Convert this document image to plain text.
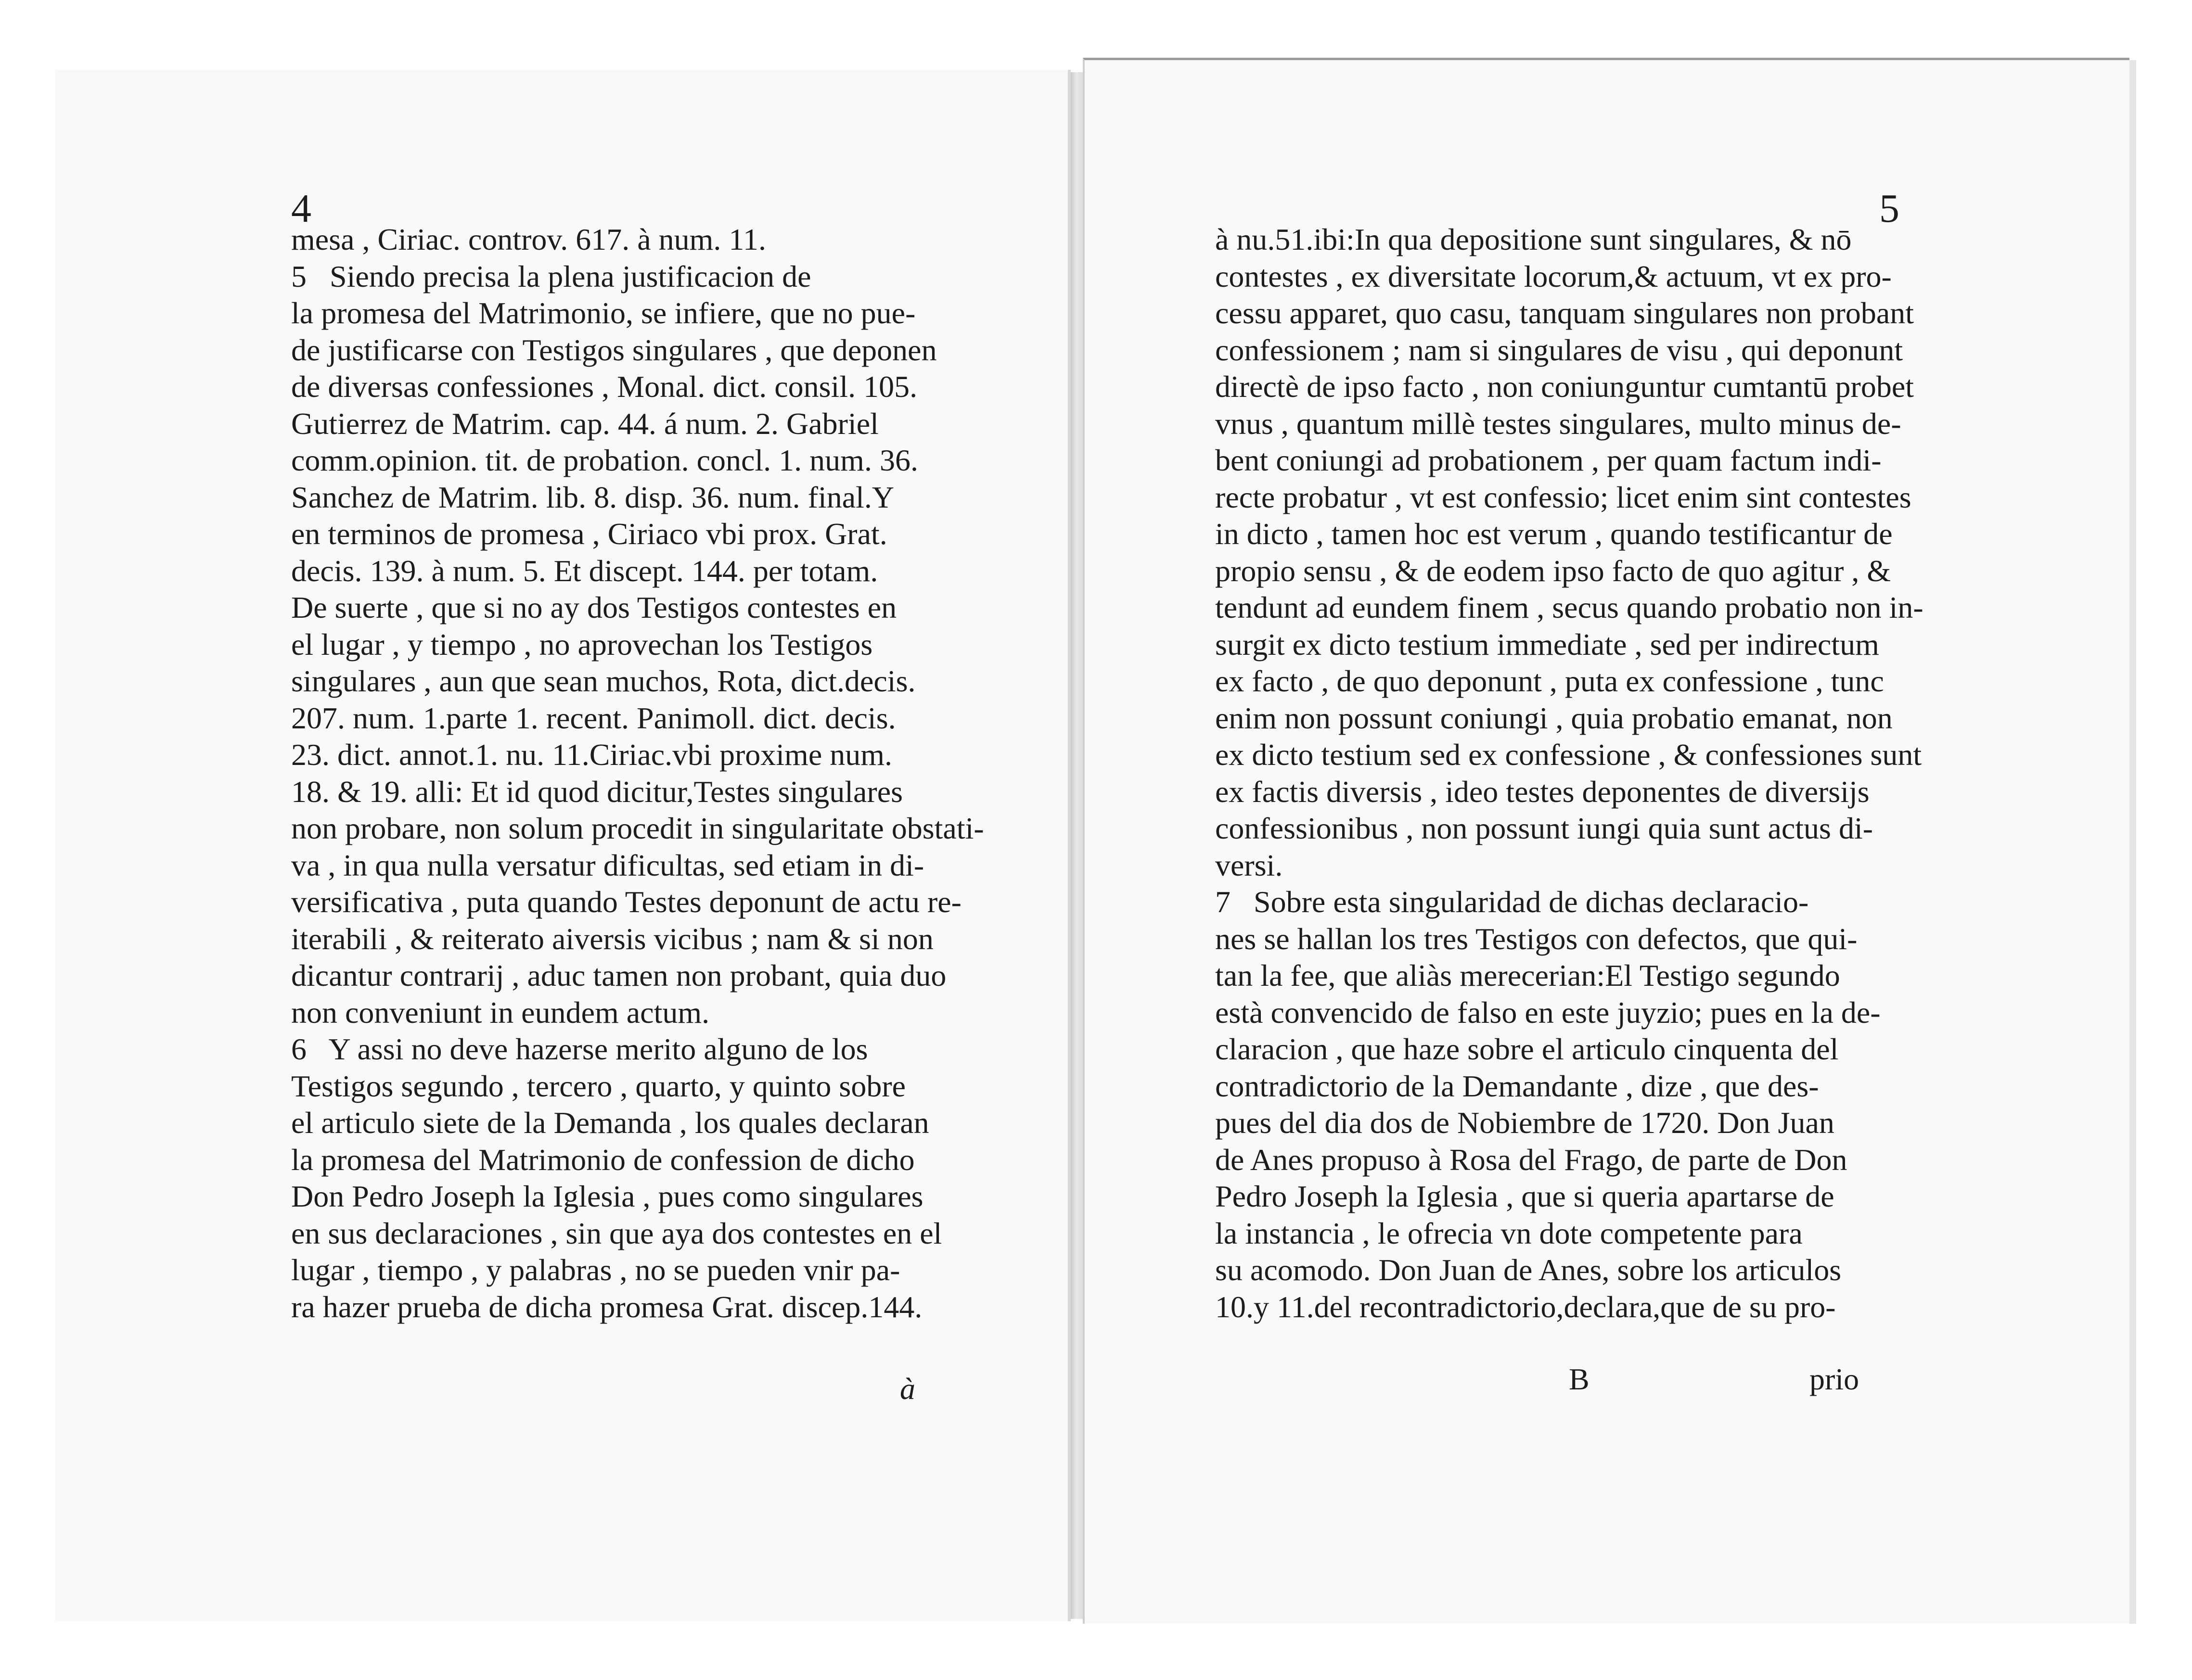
4
mesa , Ciriac. controv. 617. à num. 11.
5   Siendo precisa la plena justificacion de
la promesa del Matrimonio, se infiere, que no pue-
de justificarse con Testigos singulares , que deponen
de diversas confessiones , Monal. dict. consil. 105.
Gutierrez de Matrim. cap. 44. á num. 2. Gabriel
comm.opinion. tit. de probation. concl. 1. num. 36.
Sanchez de Matrim. lib. 8. disp. 36. num. final.Y
en terminos de promesa , Ciriaco vbi prox. Grat.
decis. 139. à num. 5. Et discept. 144. per totam.
De suerte , que si no ay dos Testigos contestes en
el lugar , y tiempo , no aprovechan los Testigos
singulares , aun que sean muchos, Rota, dict.decis.
207. num. 1.parte 1. recent. Panimoll. dict. decis.
23. dict. annot.1. nu. 11.Ciriac.vbi proxime num.
18. & 19. alli: Et id quod dicitur,Testes singulares
non probare, non solum procedit in singularitate obstati-
va , in qua nulla versatur dificultas, sed etiam in di-
versificativa , puta quando Testes deponunt de actu re-
iterabili , & reiterato aiversis vicibus ; nam & si non
dicantur contrarij , aduc tamen non probant, quia duo
non conveniunt in eundem actum.
6   Y assi no deve hazerse merito alguno de los
Testigos segundo , tercero , quarto, y quinto sobre
el articulo siete de la Demanda , los quales declaran
la promesa del Matrimonio de confession de dicho
Don Pedro Joseph la Iglesia , pues como singulares
en sus declaraciones , sin que aya dos contestes en el
lugar , tiempo , y palabras , no se pueden vnir pa-
ra hazer prueba de dicha promesa Grat. discep.144.
à
5
à nu.51.ibi:In qua depositione sunt singulares, & nō
contestes , ex diversitate locorum,& actuum, vt ex pro-
cessu apparet, quo casu, tanquam singulares non probant
confessionem ; nam si singulares de visu , qui deponunt
directè de ipso facto , non coniunguntur cumtantū probet
vnus , quantum millè testes singulares, multo minus de-
bent coniungi ad probationem , per quam factum indi-
recte probatur , vt est confessio; licet enim sint contestes
in dicto , tamen hoc est verum , quando testificantur de
propio sensu , & de eodem ipso facto de quo agitur , &
tendunt ad eundem finem , secus quando probatio non in-
surgit ex dicto testium immediate , sed per indirectum
ex facto , de quo deponunt , puta ex confessione , tunc
enim non possunt coniungi , quia probatio emanat, non
ex dicto testium sed ex confessione , & confessiones sunt
ex factis diversis , ideo testes deponentes de diversijs
confessionibus , non possunt iungi quia sunt actus di-
versi.
7   Sobre esta singularidad de dichas declaracio-
nes se hallan los tres Testigos con defectos, que qui-
tan la fee, que aliàs merecerian:El Testigo segundo
està convencido de falso en este juyzio; pues en la de-
claracion , que haze sobre el articulo cinquenta del
contradictorio de la Demandante , dize , que des-
pues del dia dos de Nobiembre de 1720. Don Juan
de Anes propuso à Rosa del Frago, de parte de Don
Pedro Joseph la Iglesia , que si queria apartarse de
la instancia , le ofrecia vn dote competente para
su acomodo. Don Juan de Anes, sobre los articulos
10.y 11.del recontradictorio,declara,que de su pro-
B	prio
